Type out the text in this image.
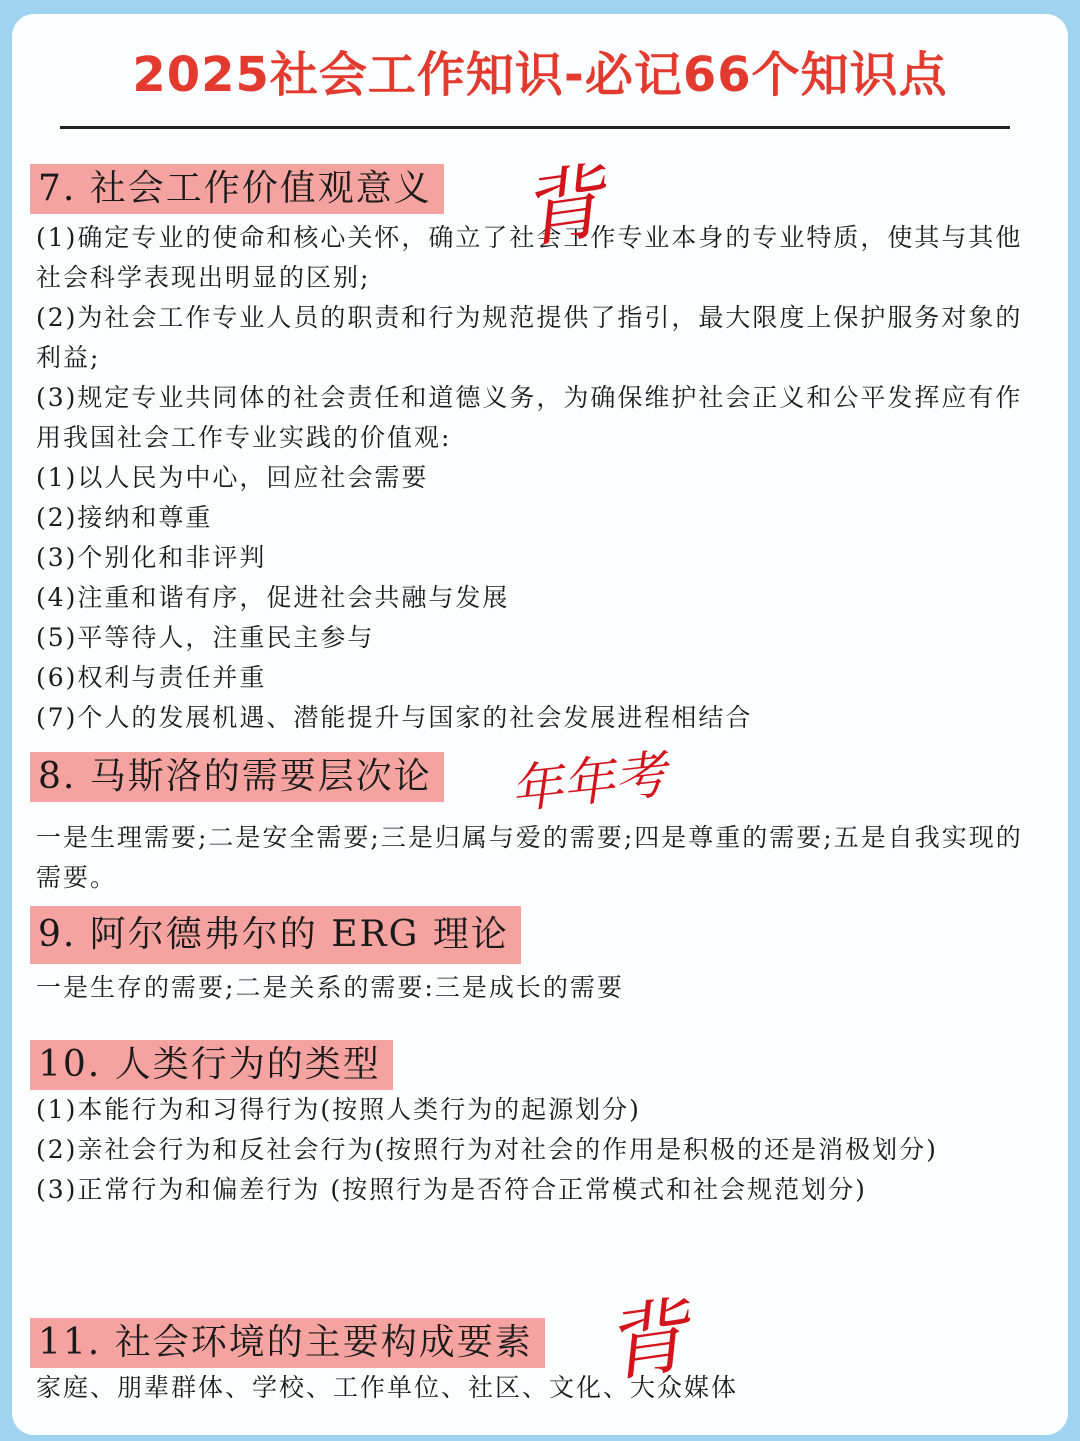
2025社会工作知识-必记66个知识点
7. 社会工作价值观意义
(1)确定专业的使命和核心关怀，确立了社会工作专业本身的专业特质，使其与其他社会科学表现出明显的区别;
(2)为社会工作专业人员的职责和行为规范提供了指引，最大限度上保护服务对象的利益;
(3)规定专业共同体的社会责任和道德义务，为确保维护社会正义和公平发挥应有作用我国社会工作专业实践的价值观:
(1)以人民为中心，回应社会需要
(2)接纳和尊重
(3)个别化和非评判
(4)注重和谐有序，促进社会共融与发展
(5)平等待人，注重民主参与
(6)权利与责任并重
(7)个人的发展机遇、潜能提升与国家的社会发展进程相结合
背
8. 马斯洛的需要层次论
一是生理需要;二是安全需要;三是归属与爱的需要;四是尊重的需要;五是自我实现的需要。
年年考
9. 阿尔德弗尔的 ERG 理论
一是生存的需要;二是关系的需要:三是成长的需要
10. 人类行为的类型
(1)本能行为和习得行为(按照人类行为的起源划分)
(2)亲社会行为和反社会行为(按照行为对社会的作用是积极的还是消极划分)
(3)正常行为和偏差行为 (按照行为是否符合正常模式和社会规范划分)
11. 社会环境的主要构成要素
家庭、朋辈群体、学校、工作单位、社区、文化、大众媒体
背
